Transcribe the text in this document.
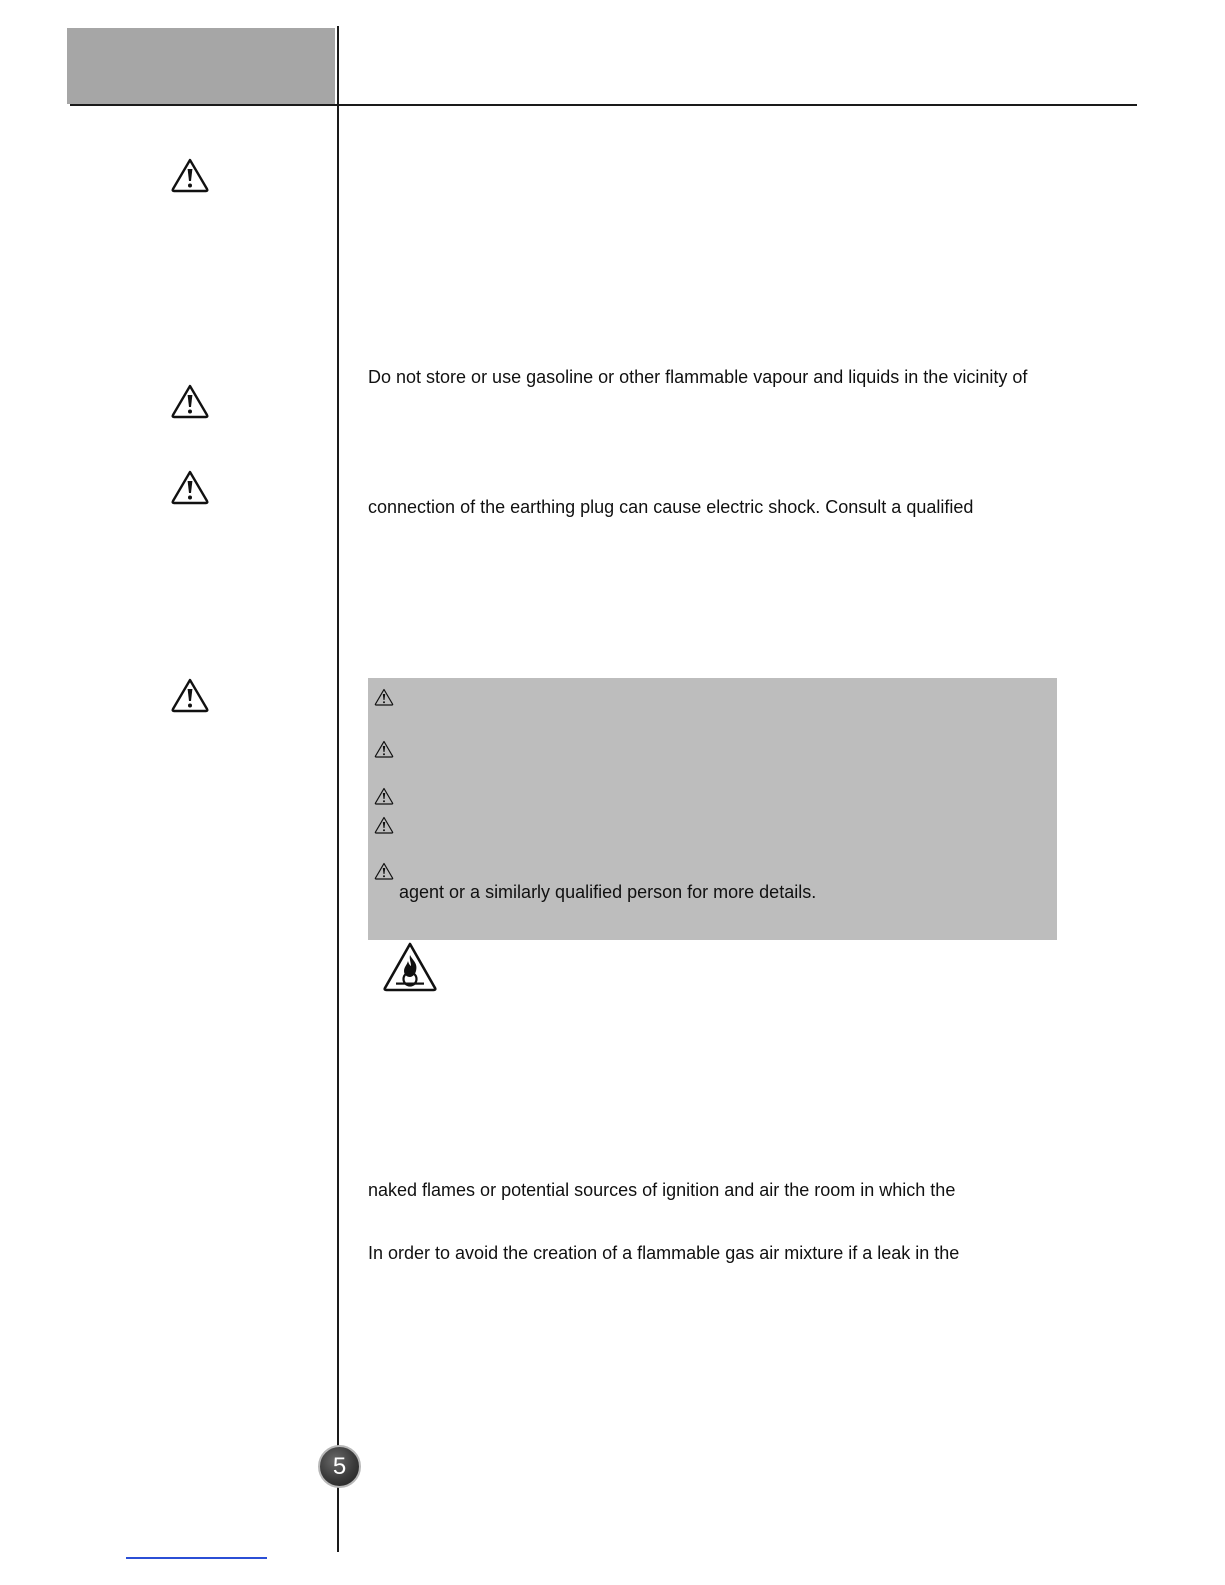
Do not store or use gasoline or other flammable vapour and liquids in the vicinity of
connection of the earthing plug can cause electric shock. Consult a qualified
agent or a similarly qualified person for more details.
naked flames or potential sources of ignition and air the room in which the
In order to avoid the creation of a flammable gas air mixture if a leak in the
5
